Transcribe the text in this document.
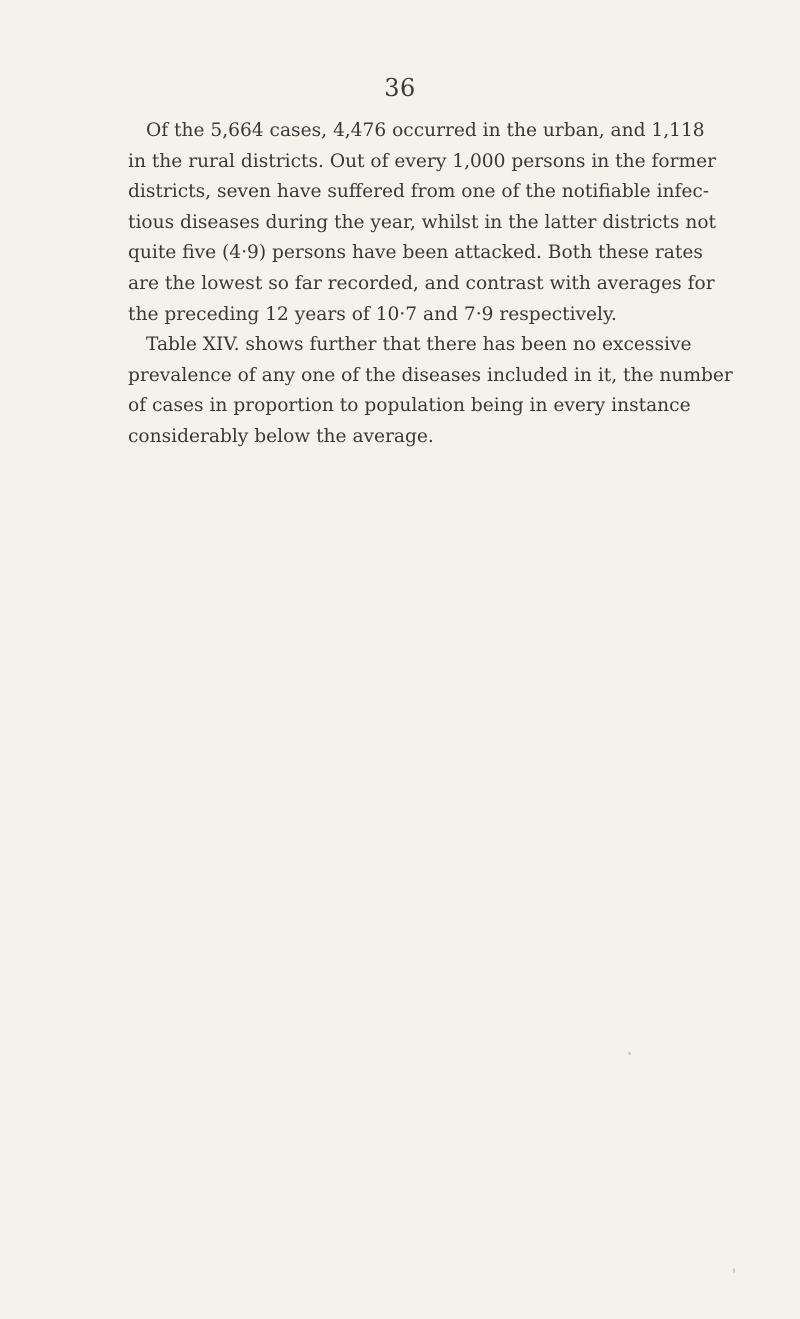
36
Of the 5,664 cases, 4,476 occurred in the urban, and 1,118
in the rural districts. Out of every 1,000 persons in the former
districts, seven have suffered from one of the notifiable infec-
tious diseases during the year, whilst in the latter districts not
quite five (4·9) persons have been attacked. Both these rates
are the lowest so far recorded, and contrast with averages for
the preceding 12 years of 10·7 and 7·9 respectively.
Table XIV. shows further that there has been no excessive
prevalence of any one of the diseases included in it, the number
of cases in proportion to population being in every instance
considerably below the average.
